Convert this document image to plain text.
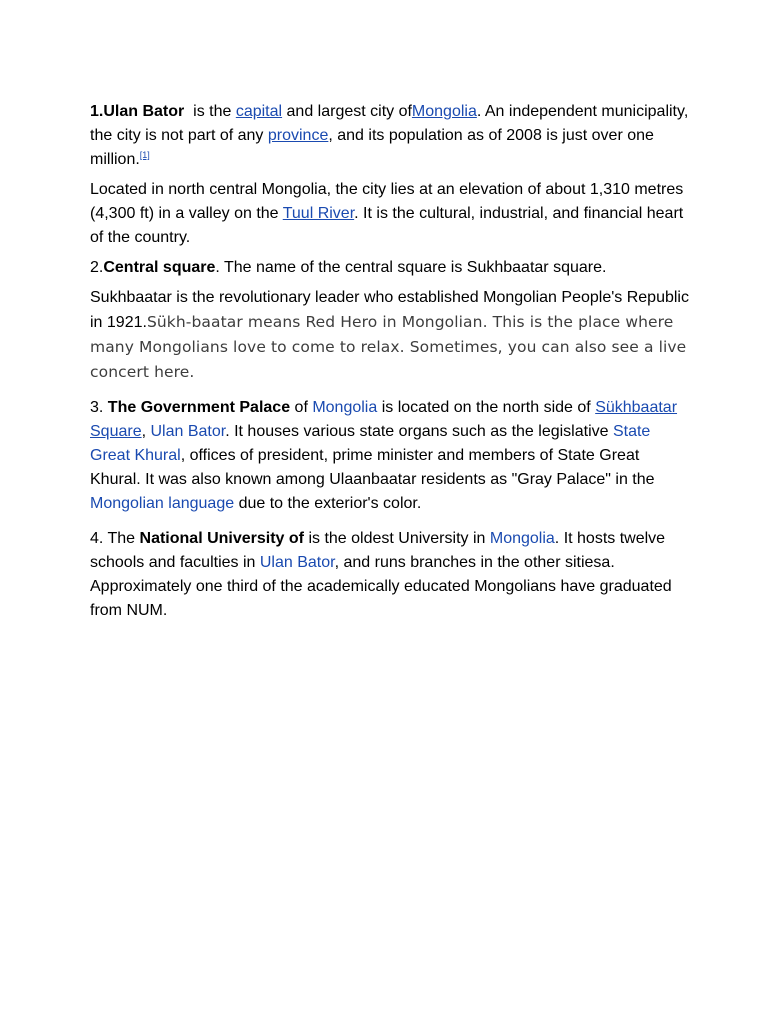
1.Ulan Bator  is the capital and largest city ofMongolia. An independent municipality, the city is not part of any province, and its population as of 2008 is just over one million.[1]

Located in north central Mongolia, the city lies at an elevation of about 1,310 metres (4,300 ft) in a valley on the Tuul River. It is the cultural, industrial, and financial heart of the country.

2.Central square. The name of the central square is Sukhbaatar square.

Sukhbaatar is the revolutionary leader who established Mongolian People's Republic in 1921.Sükh-baatar means Red Hero in Mongolian. This is the place where many Mongolians love to come to relax. Sometimes, you can also see a live concert here.

3. The Government Palace of Mongolia is located on the north side of Sükhbaatar Square, Ulan Bator. It houses various state organs such as the legislative State Great Khural, offices of president, prime minister and members of State Great Khural. It was also known among Ulaanbaatar residents as "Gray Palace" in the Mongolian language due to the exterior's color.

4. The National University of is the oldest University in Mongolia. It hosts twelve schools and faculties in Ulan Bator, and runs branches in the other sitiesa. Approximately one third of the academically educated Mongolians have graduated from NUM.
